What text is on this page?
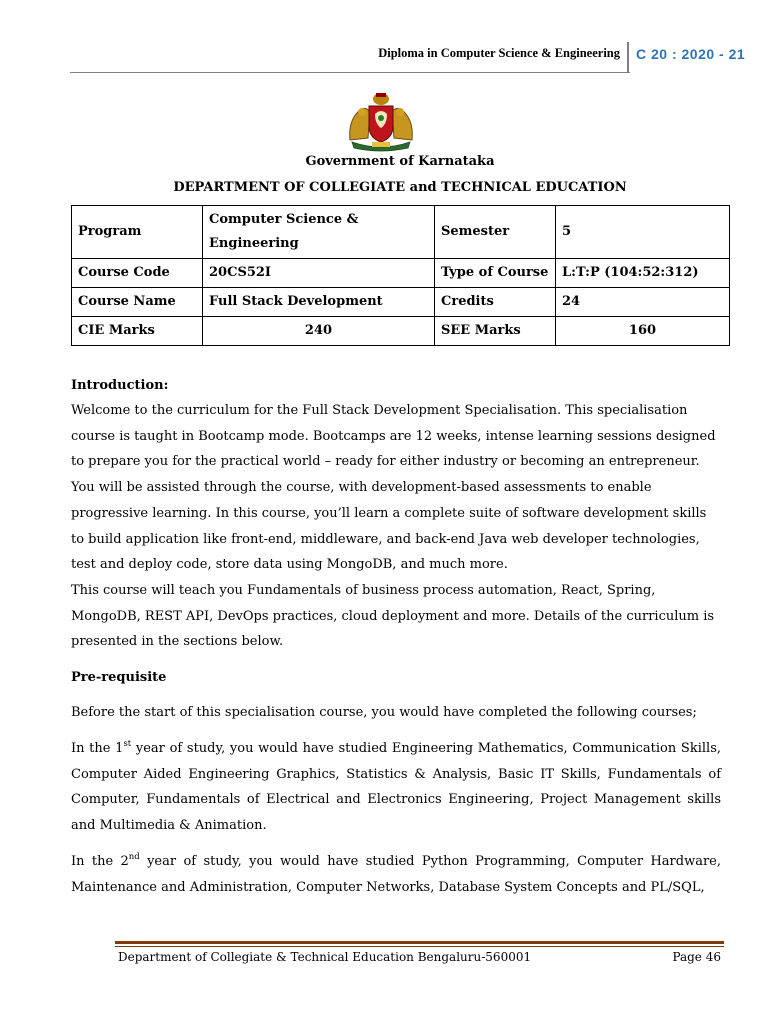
Diploma in Computer Science & Engineering C 20 : 2020 - 21
Government of Karnataka
DEPARTMENT OF COLLEGIATE and TECHNICAL EDUCATION
Program	Computer Science & Engineering	Semester	5
Course Code	20CS52I	Type of Course	L:T:P (104:52:312)
Course Name	Full Stack Development	Credits	24
CIE Marks	240	SEE Marks	160
Introduction:

Welcome to the curriculum for the Full Stack Development Specialisation. This specialisation course is taught in Bootcamp mode. Bootcamps are 12 weeks, intense learning sessions designed to prepare you for the practical world – ready for either industry or becoming an entrepreneur. You will be assisted through the course, with development-based assessments to enable progressive learning. In this course, you’ll learn a complete suite of software development skills to build application like front-end, middleware, and back-end Java web developer technologies, test and deploy code, store data using MongoDB, and much more.

This course will teach you Fundamentals of business process automation, React, Spring, MongoDB, REST API, DevOps practices, cloud deployment and more. Details of the curriculum is presented in the sections below.

Pre-requisite

Before the start of this specialisation course, you would have completed the following courses;

In the 1st year of study, you would have studied Engineering Mathematics, Communication Skills, Computer Aided Engineering Graphics, Statistics & Analysis, Basic IT Skills, Fundamentals of Computer, Fundamentals of Electrical and Electronics Engineering, Project Management skills and Multimedia & Animation.

In the 2nd year of study, you would have studied Python Programming, Computer Hardware, Maintenance and Administration, Computer Networks, Database System Concepts and PL/SQL,

Department of Collegiate & Technical Education Bengaluru-560001	Page 46
